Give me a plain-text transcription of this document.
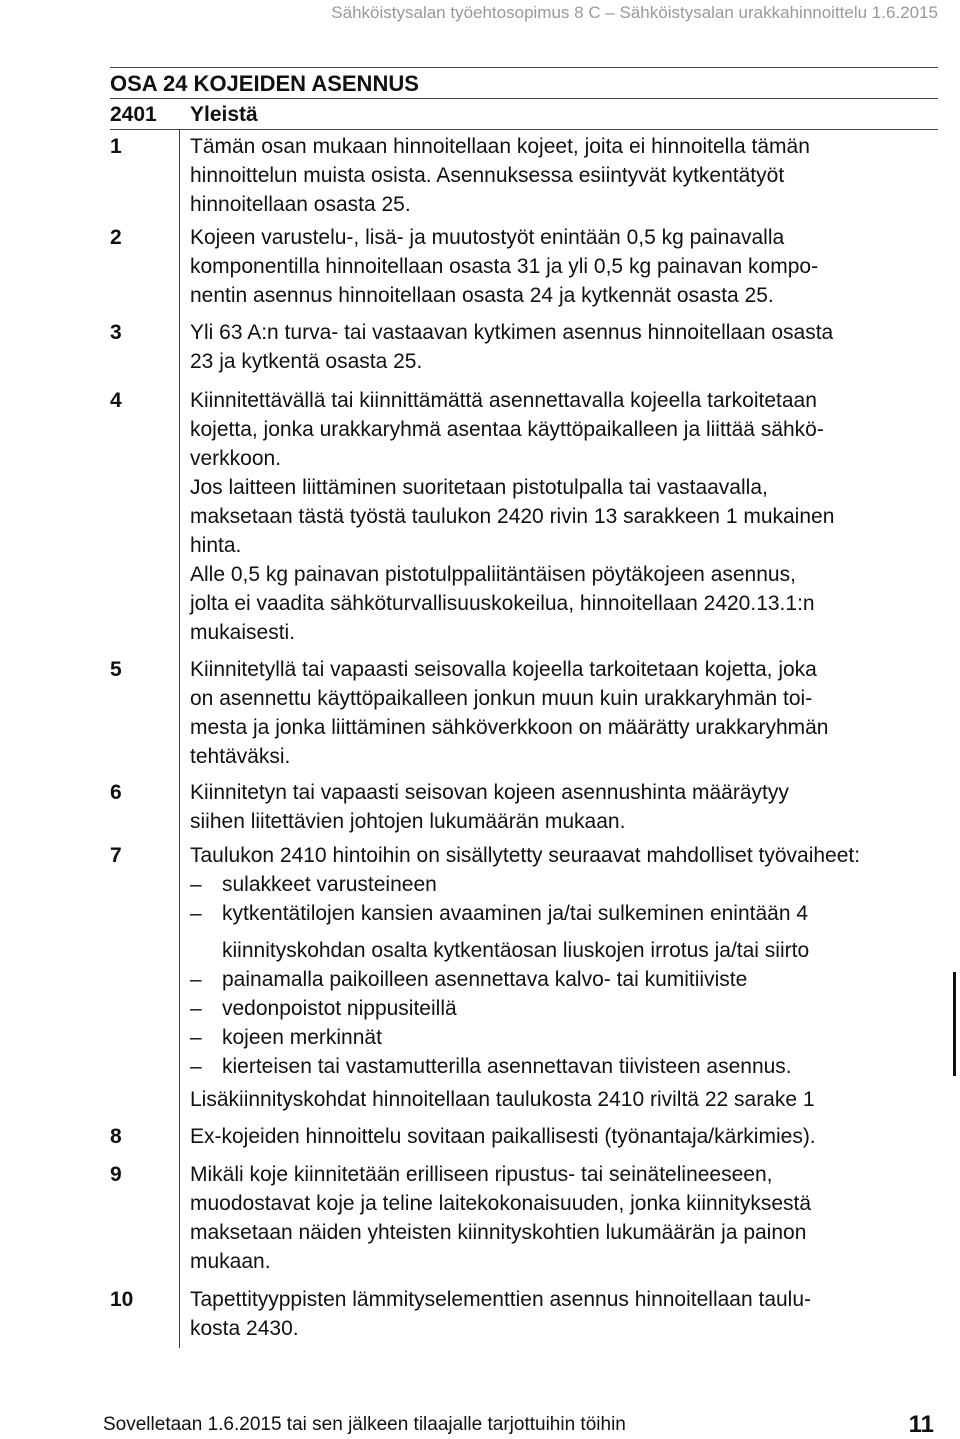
Sähköistysalan työehtosopimus 8 C – Sähköistysalan urakkahinnoittelu 1.6.2015
OSA 24 KOJEIDEN ASENNUS
2401 Yleistä
1	Tämän osan mukaan hinnoitellaan kojeet, joita ei hinnoitella tämän
hinnoittelun muista osista. Asennuksessa esiintyvät kytkentätyöt
hinnoitellaan osasta 25.
2	Kojeen varustelu-, lisä- ja muutostyöt enintään 0,5 kg painavalla
komponentilla hinnoitellaan osasta 31 ja yli 0,5 kg painavan kompo-
nentin asennus hinnoitellaan osasta 24 ja kytkennät osasta 25.
3	Yli 63 A:n turva- tai vastaavan kytkimen asennus hinnoitellaan osasta
23 ja kytkentä osasta 25.
4	Kiinnitettävällä tai kiinnittämättä asennettavalla kojeella tarkoitetaan
kojetta, jonka urakkaryhmä asentaa käyttöpaikalleen ja liittää sähkö-
verkkoon.
Jos laitteen liittäminen suoritetaan pistotulpalla tai vastaavalla,
maksetaan tästä työstä taulukon 2420 rivin 13 sarakkeen 1 mukainen
hinta.
Alle 0,5 kg painavan pistotulppaliitäntäisen pöytäkojeen asennus,
jolta ei vaadita sähköturvallisuuskokeilua, hinnoitellaan 2420.13.1:n
mukaisesti.
5	Kiinnitetyllä tai vapaasti seisovalla kojeella tarkoitetaan kojetta, joka
on asennettu käyttöpaikalleen jonkun muun kuin urakkaryhmän toi-
mesta ja jonka liittäminen sähköverkkoon on määrätty urakkaryhmän
tehtäväksi.
6	Kiinnitetyn tai vapaasti seisovan kojeen asennushinta määräytyy
siihen liitettävien johtojen lukumäärän mukaan.
7	Taulukon 2410 hintoihin on sisällytetty seuraavat mahdolliset työvaiheet:
– sulakkeet varusteineen
– kytkentätilojen kansien avaaminen ja/tai sulkeminen enintään 4
kiinnityskohdan osalta kytkentäosan liuskojen irrotus ja/tai siirto
– painamalla paikoilleen asennettava kalvo- tai kumitiiviste
– vedonpoistot nippusiteillä
– kojeen merkinnät
– kierteisen tai vastamutterilla asennettavan tiivisteen asennus.
Lisäkiinnityskohdat hinnoitellaan taulukosta 2410 riviltä 22 sarake 1
8	Ex-kojeiden hinnoittelu sovitaan paikallisesti (työnantaja/kärkimies).
9	Mikäli koje kiinnitetään erilliseen ripustus- tai seinätelineeseen,
muodostavat koje ja teline laitekokonaisuuden, jonka kiinnityksestä
maksetaan näiden yhteisten kiinnityskohtien lukumäärän ja painon
mukaan.
10	Tapettityyppisten lämmityselementtien asennus hinnoitellaan taulu-
kosta 2430.
Sovelletaan 1.6.2015 tai sen jälkeen tilaajalle tarjottuihin töihin	11
